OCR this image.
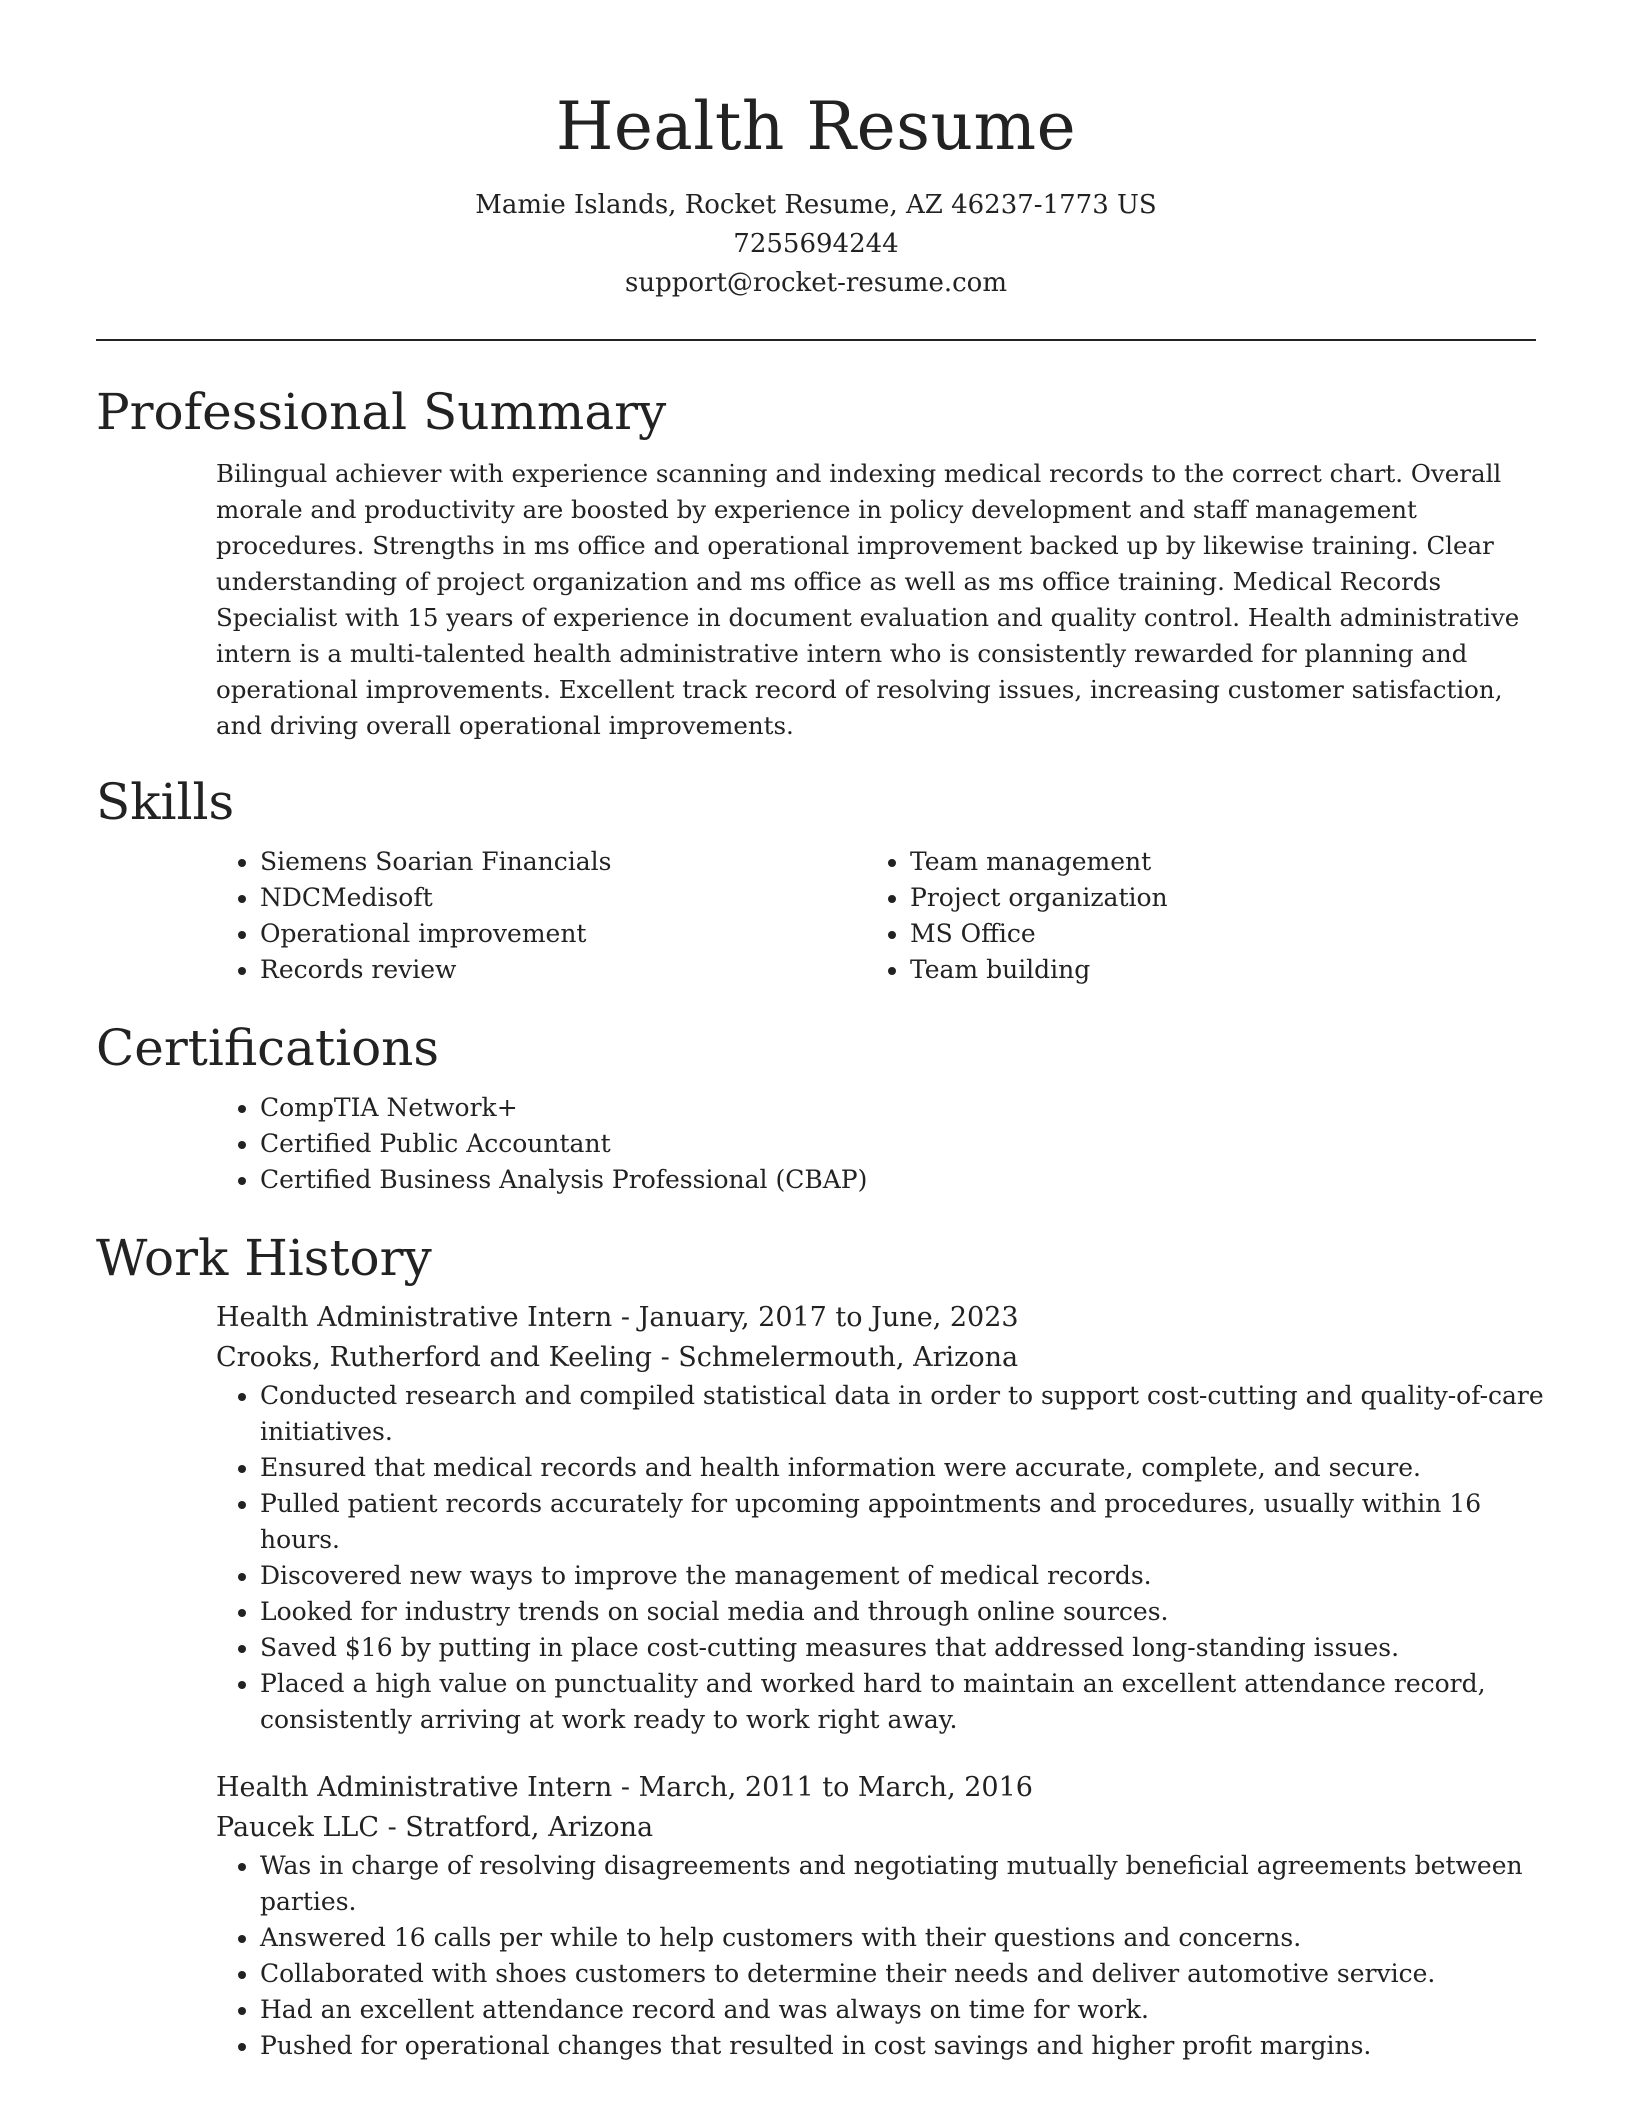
Health Resume

Mamie Islands, Rocket Resume, AZ 46237-1773 US

7255694244

support@rocket-resume.com

Professional Summary

Bilingual achiever with experience scanning and indexing medical records to the correct chart. Overall morale and productivity are boosted by experience in policy development and staff management procedures. Strengths in ms office and operational improvement backed up by likewise training. Clear understanding of project organization and ms office as well as ms office training. Medical Records Specialist with 15 years of experience in document evaluation and quality control. Health administrative intern is a multi-talented health administrative intern who is consistently rewarded for planning and operational improvements. Excellent track record of resolving issues, increasing customer satisfaction, and driving overall operational improvements.

Skills
• Siemens Soarian Financials
• NDCMedisoft
• Operational improvement
• Records review
• Team management
• Project organization
• MS Office
• Team building
Certifications
• CompTIA Network+
• Certified Public Accountant
• Certified Business Analysis Professional (CBAP)
Work History

Health Administrative Intern - January, 2017 to June, 2023

Crooks, Rutherford and Keeling - Schmelermouth, Arizona

• Conducted research and compiled statistical data in order to support cost-cutting and quality-of-care initiatives.
• Ensured that medical records and health information were accurate, complete, and secure.
• Pulled patient records accurately for upcoming appointments and procedures, usually within 16 hours.
• Discovered new ways to improve the management of medical records.
• Looked for industry trends on social media and through online sources.
• Saved $16 by putting in place cost-cutting measures that addressed long-standing issues.
• Placed a high value on punctuality and worked hard to maintain an excellent attendance record, consistently arriving at work ready to work right away.

Health Administrative Intern - March, 2011 to March, 2016

Paucek LLC - Stratford, Arizona

• Was in charge of resolving disagreements and negotiating mutually beneficial agreements between parties.
• Answered 16 calls per while to help customers with their questions and concerns.
• Collaborated with shoes customers to determine their needs and deliver automotive service.
• Had an excellent attendance record and was always on time for work.
• Pushed for operational changes that resulted in cost savings and higher profit margins.
